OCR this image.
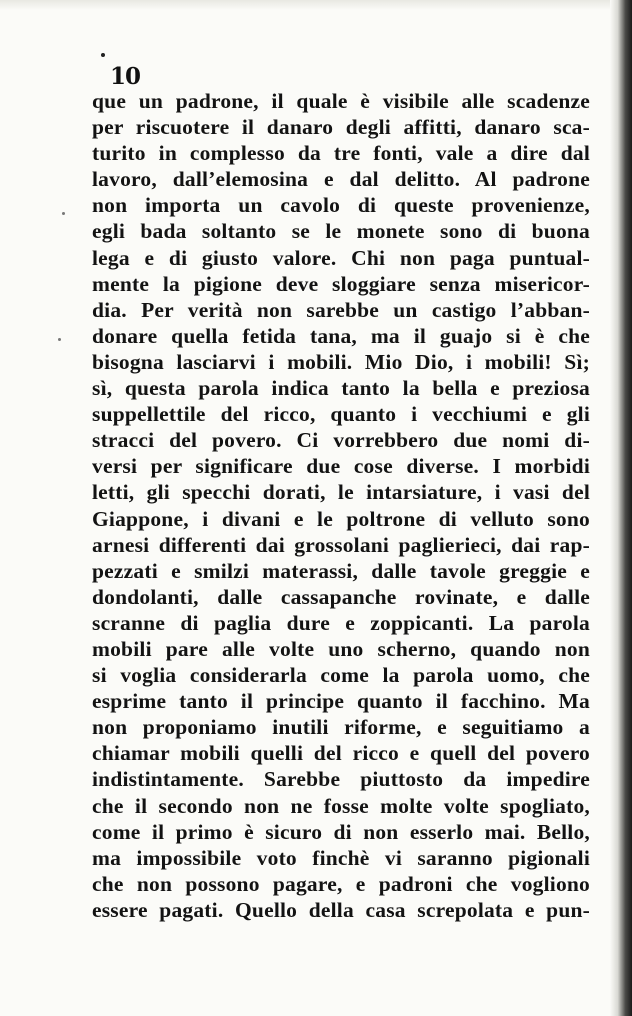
10
que un padrone, il quale è visibile alle scadenze
per riscuotere il danaro degli affitti, danaro sca-
turito in complesso da tre fonti, vale a dire dal
lavoro, dall’elemosina e dal delitto. Al padrone
non importa un cavolo di queste provenienze,
egli bada soltanto se le monete sono di buona
lega e di giusto valore. Chi non paga puntual-
mente la pigione deve sloggiare senza misericor-
dia. Per verità non sarebbe un castigo l’abban-
donare quella fetida tana, ma il guajo si è che
bisogna lasciarvi i mobili. Mio Dio, i mobili! Sì;
sì, questa parola indica tanto la bella e preziosa
suppellettile del ricco, quanto i vecchiumi e gli
stracci del povero. Ci vorrebbero due nomi di-
versi per significare due cose diverse. I morbidi
letti, gli specchi dorati, le intarsiature, i vasi del
Giappone, i divani e le poltrone di velluto sono
arnesi differenti dai grossolani paglierieci, dai rap-
pezzati e smilzi materassi, dalle tavole greggie e
dondolanti, dalle cassapanche rovinate, e dalle
scranne di paglia dure e zoppicanti. La parola
mobili pare alle volte uno scherno, quando non
si voglia considerarla come la parola uomo, che
esprime tanto il principe quanto il facchino. Ma
non proponiamo inutili riforme, e seguitiamo a
chiamar mobili quelli del ricco e quell del povero
indistintamente. Sarebbe piuttosto da impedire
che il secondo non ne fosse molte volte spogliato,
come il primo è sicuro di non esserlo mai. Bello,
ma impossibile voto finchè vi saranno pigionali
che non possono pagare, e padroni che vogliono
essere pagati. Quello della casa screpolata e pun-
